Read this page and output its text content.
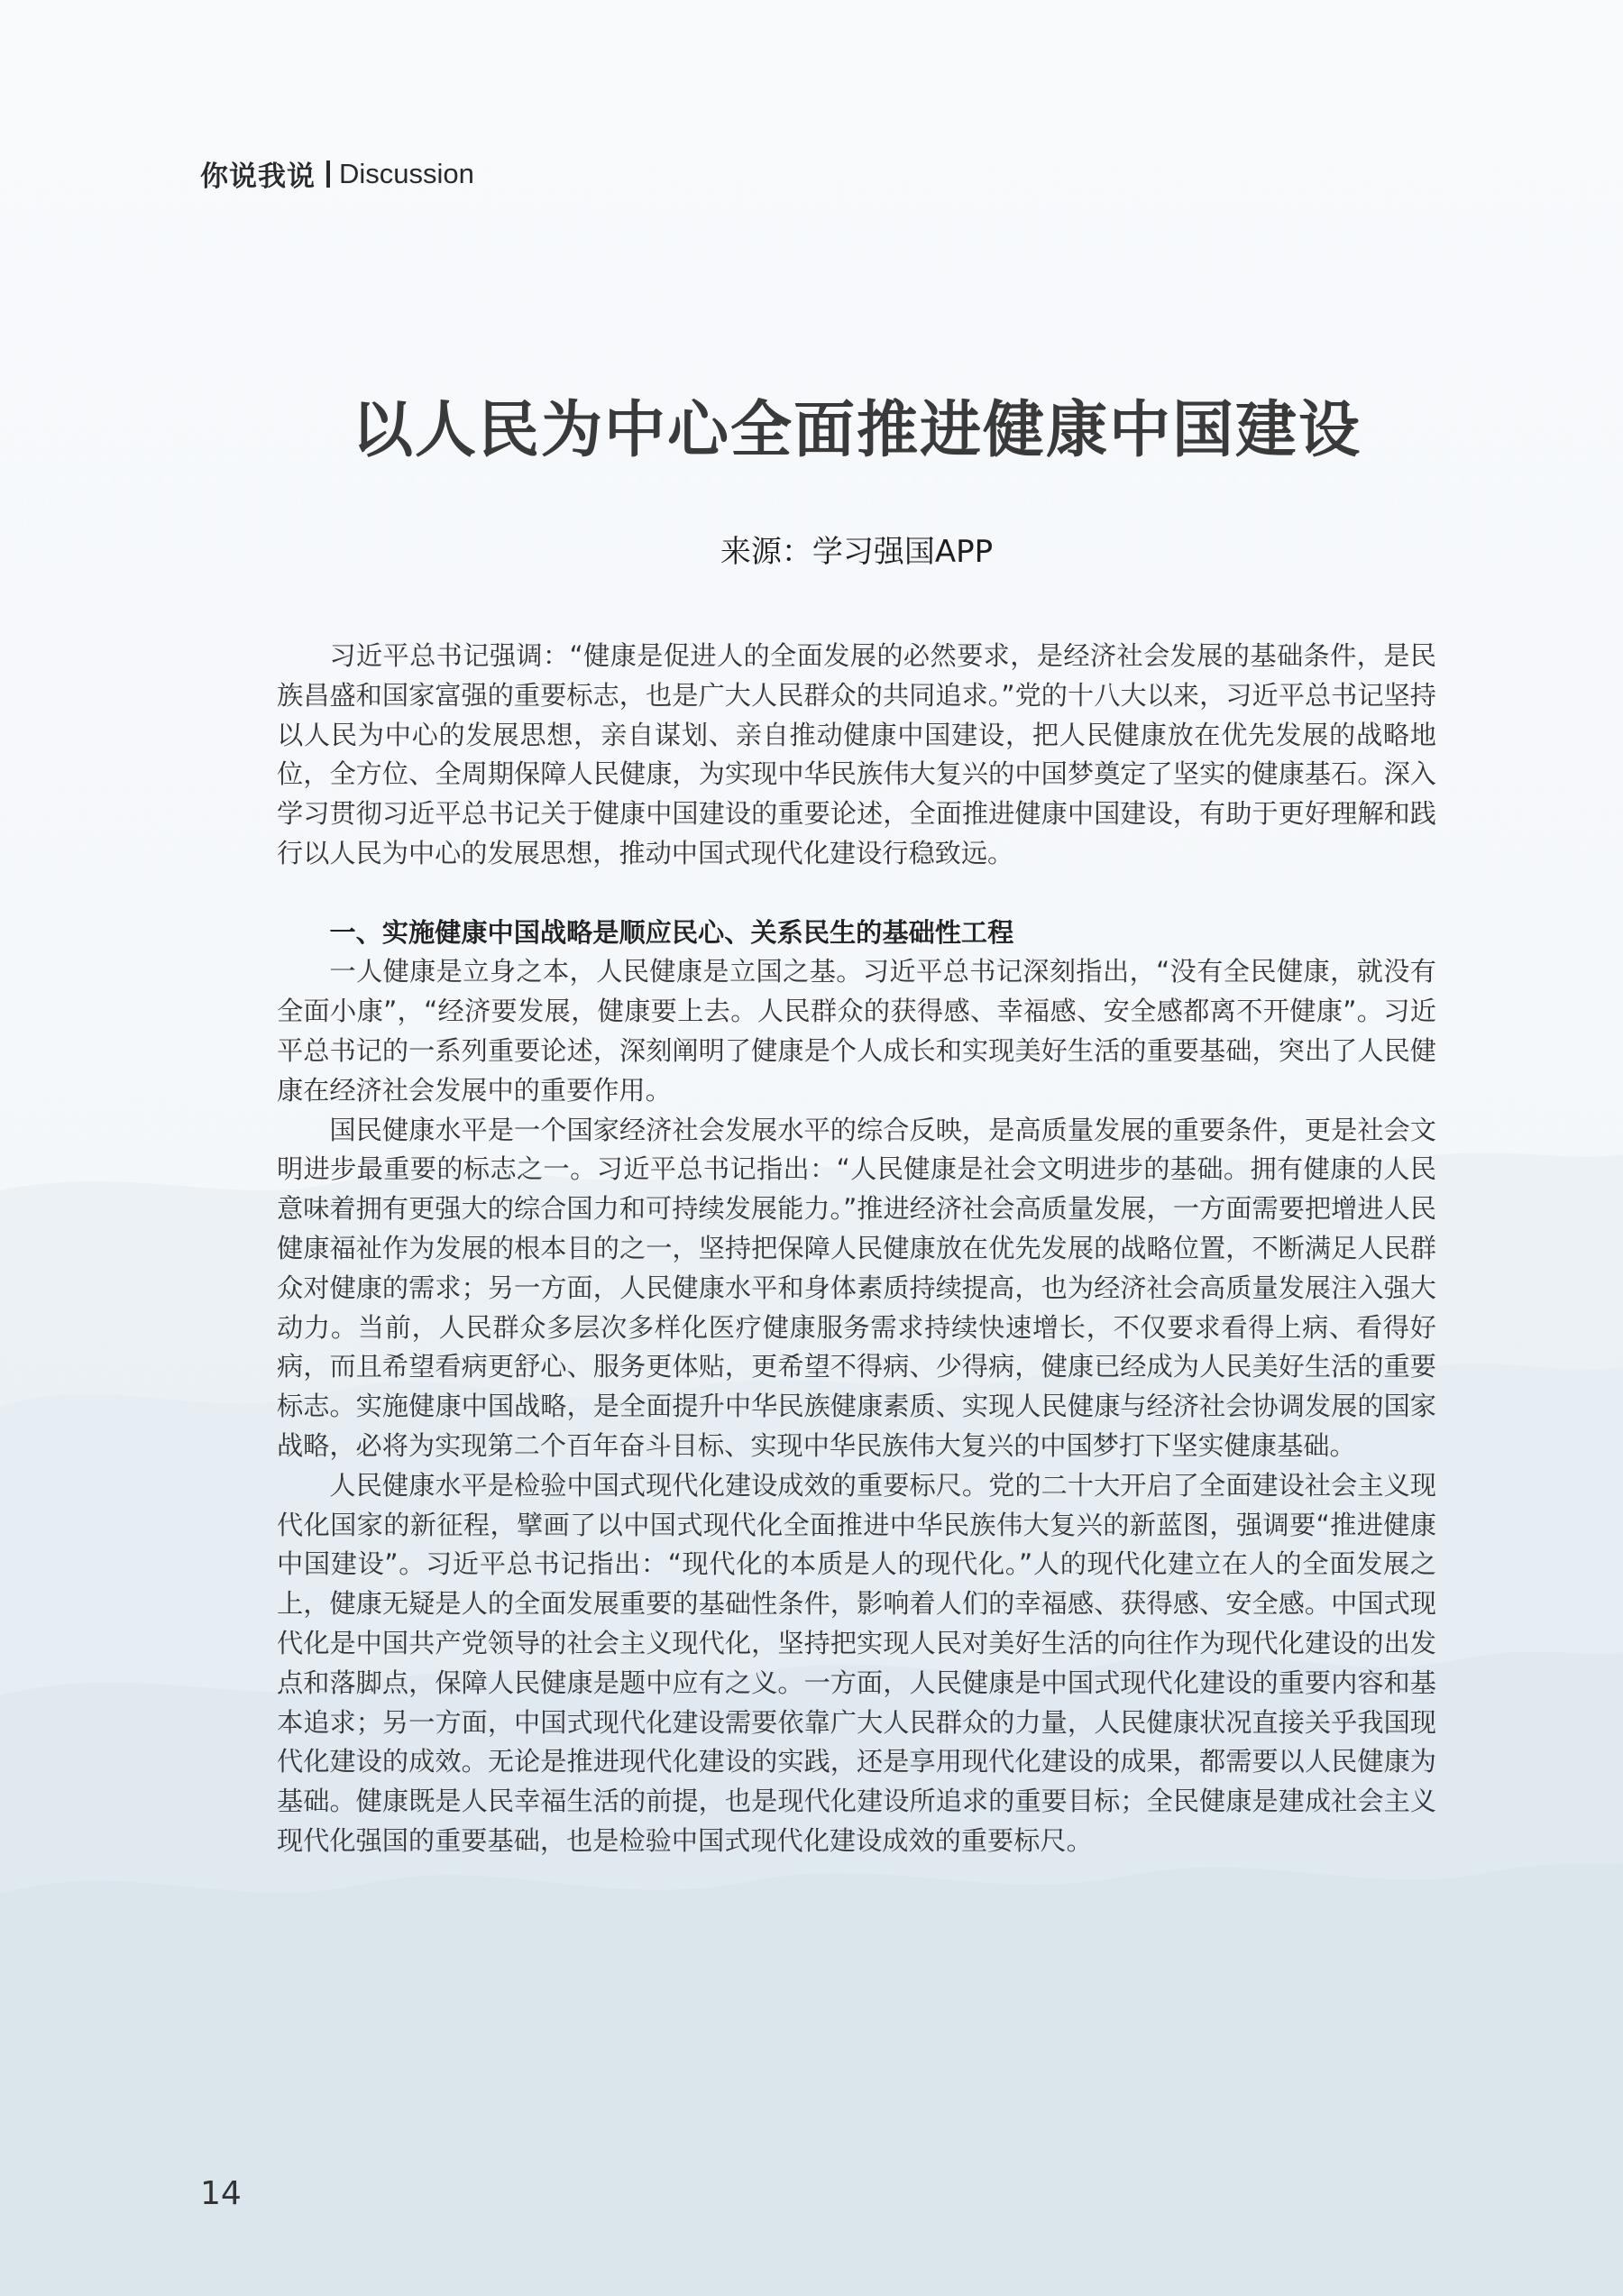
你说我说 Discussion
以人民为中心全面推进健康中国建设
来源：学习强国APP

习近平总书记强调：“健康是促进人的全面发展的必然要求，是经济社会发展的基础条件，是民族昌盛和国家富强的重要标志，也是广大人民群众的共同追求。”党的十八大以来，习近平总书记坚持以人民为中心的发展思想，亲自谋划、亲自推动健康中国建设，把人民健康放在优先发展的战略地位，全方位、全周期保障人民健康，为实现中华民族伟大复兴的中国梦奠定了坚实的健康基石。深入学习贯彻习近平总书记关于健康中国建设的重要论述，全面推进健康中国建设，有助于更好理解和践行以人民为中心的发展思想，推动中国式现代化建设行稳致远。

一、实施健康中国战略是顺应民心、关系民生的基础性工程

一人健康是立身之本，人民健康是立国之基。习近平总书记深刻指出，“没有全民健康，就没有全面小康”，“经济要发展，健康要上去。人民群众的获得感、幸福感、安全感都离不开健康”。习近平总书记的一系列重要论述，深刻阐明了健康是个人成长和实现美好生活的重要基础，突出了人民健康在经济社会发展中的重要作用。

国民健康水平是一个国家经济社会发展水平的综合反映，是高质量发展的重要条件，更是社会文明进步最重要的标志之一。习近平总书记指出：“人民健康是社会文明进步的基础。拥有健康的人民意味着拥有更强大的综合国力和可持续发展能力。”推进经济社会高质量发展，一方面需要把增进人民健康福祉作为发展的根本目的之一，坚持把保障人民健康放在优先发展的战略位置，不断满足人民群众对健康的需求；另一方面，人民健康水平和身体素质持续提高，也为经济社会高质量发展注入强大动力。当前，人民群众多层次多样化医疗健康服务需求持续快速增长，不仅要求看得上病、看得好病，而且希望看病更舒心、服务更体贴，更希望不得病、少得病，健康已经成为人民美好生活的重要标志。实施健康中国战略，是全面提升中华民族健康素质、实现人民健康与经济社会协调发展的国家战略，必将为实现第二个百年奋斗目标、实现中华民族伟大复兴的中国梦打下坚实健康基础。

人民健康水平是检验中国式现代化建设成效的重要标尺。党的二十大开启了全面建设社会主义现代化国家的新征程，擘画了以中国式现代化全面推进中华民族伟大复兴的新蓝图，强调要“推进健康中国建设”。习近平总书记指出：“现代化的本质是人的现代化。”人的现代化建立在人的全面发展之上，健康无疑是人的全面发展重要的基础性条件，影响着人们的幸福感、获得感、安全感。中国式现代化是中国共产党领导的社会主义现代化，坚持把实现人民对美好生活的向往作为现代化建设的出发点和落脚点，保障人民健康是题中应有之义。一方面，人民健康是中国式现代化建设的重要内容和基本追求；另一方面，中国式现代化建设需要依靠广大人民群众的力量，人民健康状况直接关乎我国现代化建设的成效。无论是推进现代化建设的实践，还是享用现代化建设的成果，都需要以人民健康为基础。健康既是人民幸福生活的前提，也是现代化建设所追求的重要目标；全民健康是建成社会主义现代化强国的重要基础，也是检验中国式现代化建设成效的重要标尺。

14
